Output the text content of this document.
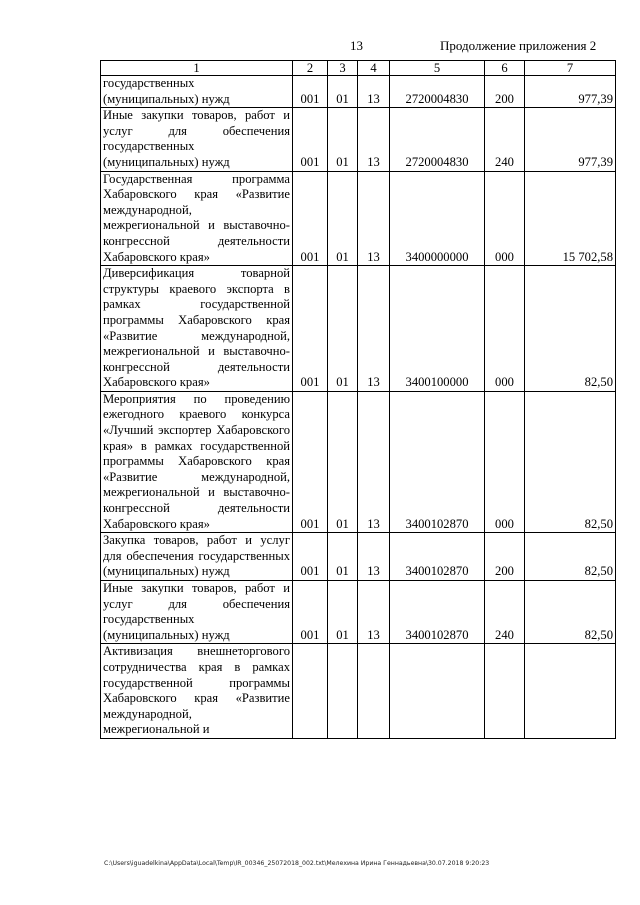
13	Продолжение приложения 2
1	2	3	4	5	6	7
государственных (муниципальных) нужд	001	01	13	2720004830	200	977,39
Иные закупки товаров, работ и услуг для обеспечения государственных (муниципальных) нужд	001	01	13	2720004830	240	977,39
Государственная программа Хабаровского края «Развитие международной, межрегиональной и выставочно-конгрессной деятельности Хабаровского края»	001	01	13	3400000000	000	15 702,58
Диверсификация товарной структуры краевого экспорта в рамках государственной программы Хабаровского края «Развитие международной, межрегиональной и выставочно-конгрессной деятельности Хабаровского края»	001	01	13	3400100000	000	82,50
Мероприятия по проведению ежегодного краевого конкурса «Лучший экспортер Хабаровского края» в рамках государственной программы Хабаровского края «Развитие международной, межрегиональной и выставочно-конгрессной деятельности Хабаровского края»	001	01	13	3400102870	000	82,50
Закупка товаров, работ и услуг для обеспечения государственных (муниципальных) нужд	001	01	13	3400102870	200	82,50
Иные закупки товаров, работ и услуг для обеспечения государственных (муниципальных) нужд	001	01	13	3400102870	240	82,50
Активизация внешнеторгового сотрудничества края в рамках государственной программы Хабаровского края «Развитие международной, межрегиональной и						
C:\Users\iguadelkina\AppData\Local\Temp\IR_00346_25072018_002.txt\Мелехина Ирина Геннадьевна\30.07.2018 9:20:23
